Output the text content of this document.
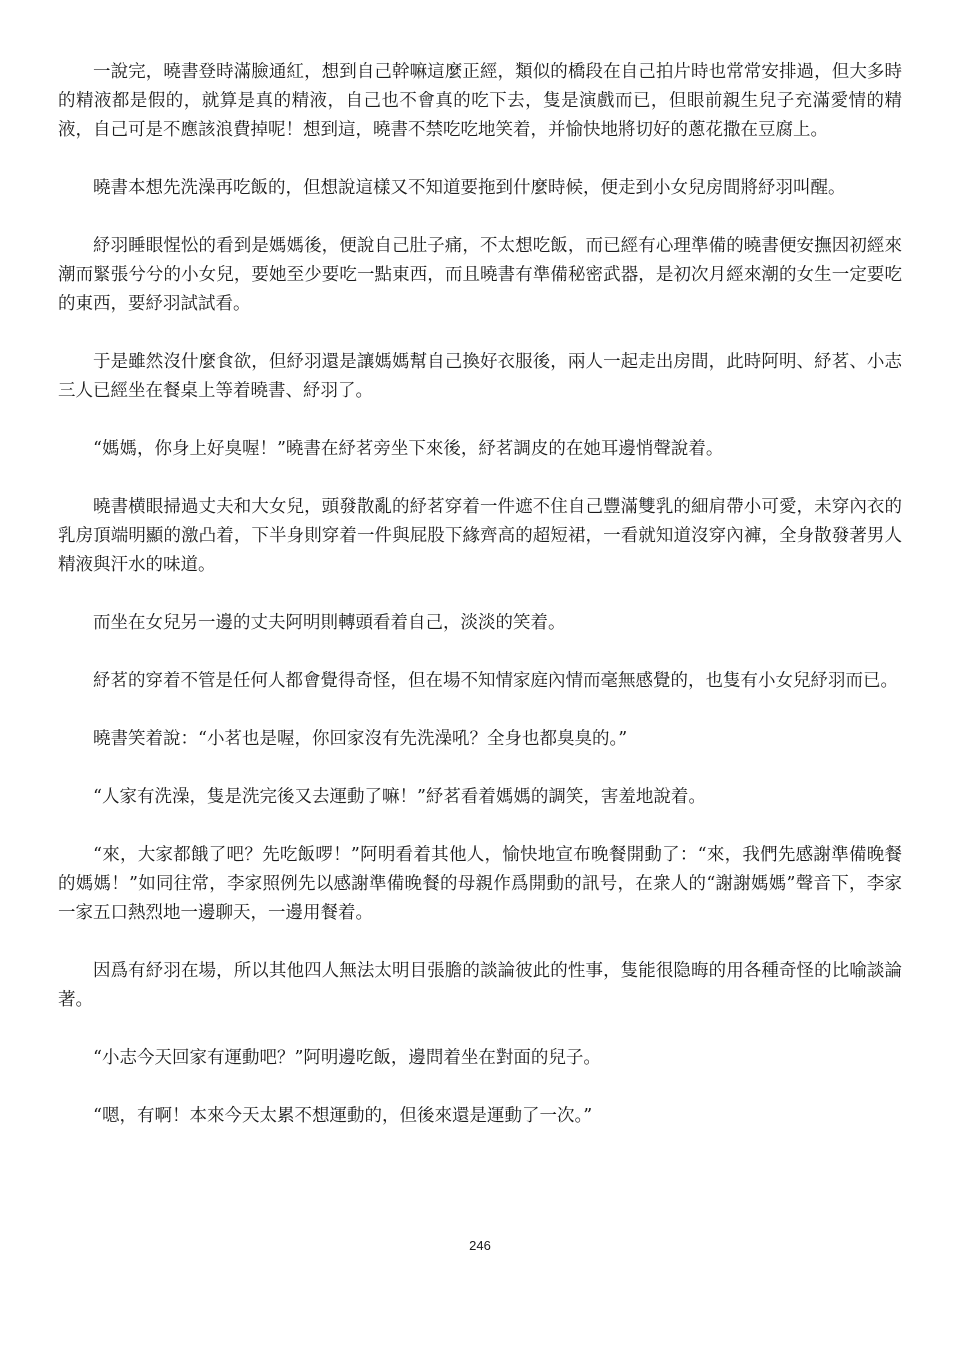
一說完，曉書登時滿臉通紅，想到自己幹嘛這麼正經，類似的橋段在自己拍片時也常常安排過，但大多時的精液都是假的，就算是真的精液，自己也不會真的吃下去，隻是演戲而已，但眼前親生兒子充滿愛情的精液，自己可是不應該浪費掉呢！想到這，曉書不禁吃吃地笑着，并愉快地將切好的蔥花撒在豆腐上。

曉書本想先洗澡再吃飯的，但想說這樣又不知道要拖到什麼時候，便走到小女兒房間將紓羽叫醒。

紓羽睡眼惺忪的看到是媽媽後，便說自己肚子痛，不太想吃飯，而已經有心理準備的曉書便安撫因初經來潮而緊張兮兮的小女兒，要她至少要吃一點東西，而且曉書有準備秘密武器，是初次月經來潮的女生一定要吃的東西，要紓羽試試看。

于是雖然沒什麼食欲，但紓羽還是讓媽媽幫自己換好衣服後，兩人一起走出房間，此時阿明、紓茗、小志三人已經坐在餐桌上等着曉書、紓羽了。

“媽媽，你身上好臭喔！”曉書在紓茗旁坐下來後，紓茗調皮的在她耳邊悄聲說着。

曉書横眼掃過丈夫和大女兒，頭發散亂的紓茗穿着一件遮不住自己豐滿雙乳的細肩帶小可愛，未穿內衣的乳房頂端明顯的激凸着，下半身則穿着一件與屁股下緣齊高的超短裙，一看就知道沒穿內褲，全身散發著男人精液與汗水的味道。

而坐在女兒另一邊的丈夫阿明則轉頭看着自己，淡淡的笑着。

紓茗的穿着不管是任何人都會覺得奇怪，但在場不知情家庭內情而毫無感覺的，也隻有小女兒紓羽而已。

曉書笑着說：“小茗也是喔，你回家沒有先洗澡吼？全身也都臭臭的。”

“人家有洗澡，隻是洗完後又去運動了嘛！”紓茗看着媽媽的調笑，害羞地說着。

“來，大家都餓了吧？先吃飯啰！”阿明看着其他人，愉快地宣布晚餐開動了：“來，我們先感謝準備晚餐的媽媽！”如同往常，李家照例先以感謝準備晚餐的母親作爲開動的訊号，在衆人的“謝謝媽媽”聲音下，李家一家五口熱烈地一邊聊天，一邊用餐着。

因爲有紓羽在場，所以其他四人無法太明目張膽的談論彼此的性事，隻能很隐晦的用各種奇怪的比喻談論著。

“小志今天回家有運動吧？”阿明邊吃飯，邊問着坐在對面的兒子。

“嗯，有啊！本來今天太累不想運動的，但後來還是運動了一次。”

246
